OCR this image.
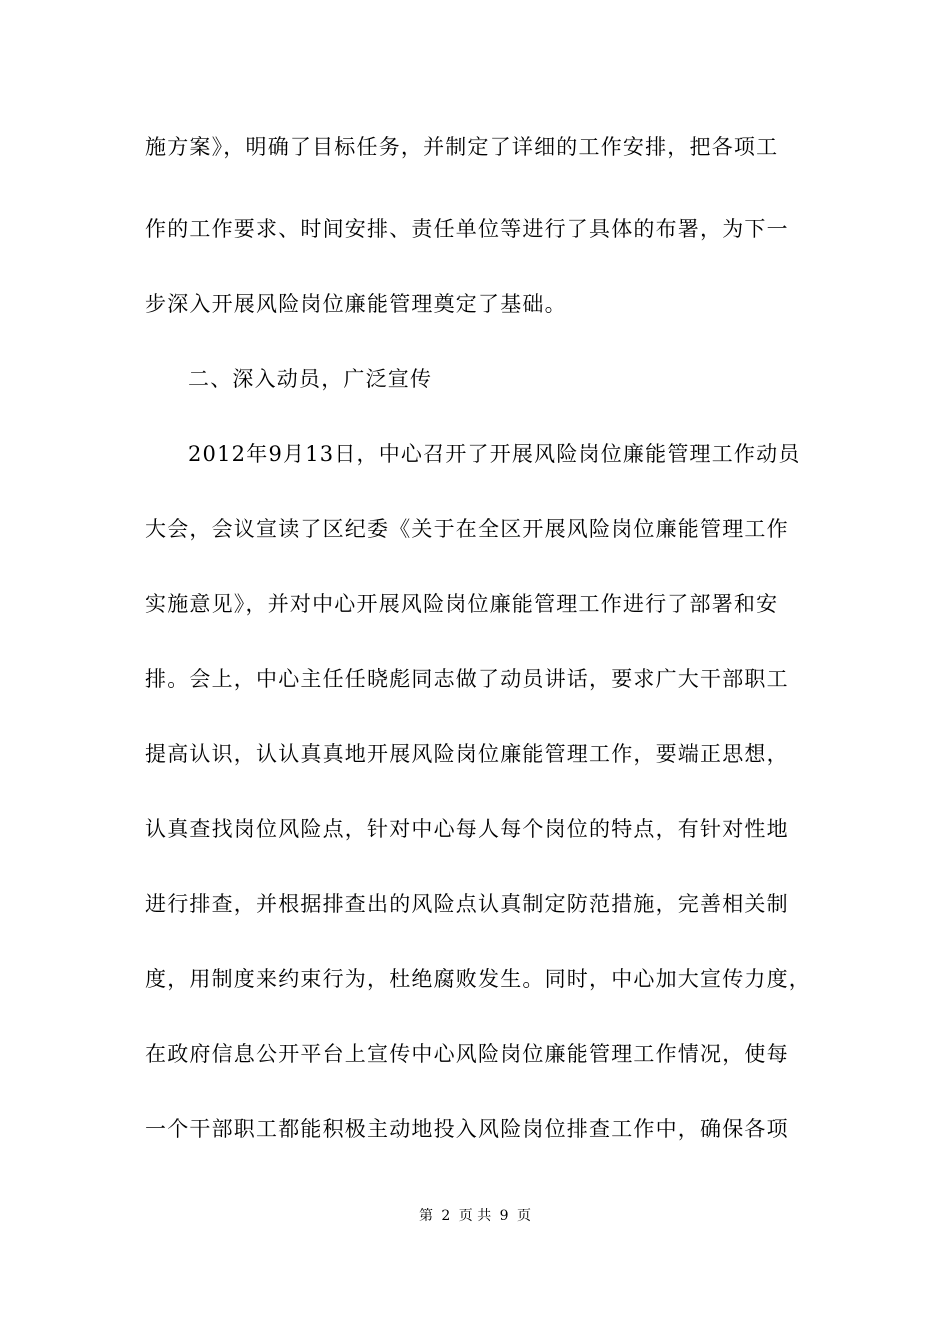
施方案》，明确了目标任务，并制定了详细的工作安排，把各项工
作的工作要求、时间安排、责任单位等进行了具体的布署，为下一
步深入开展风险岗位廉能管理奠定了基础。
二、深入动员，广泛宣传
2012年9月13日，中心召开了开展风险岗位廉能管理工作动员
大会，会议宣读了区纪委《关于在全区开展风险岗位廉能管理工作
实施意见》，并对中心开展风险岗位廉能管理工作进行了部署和安
排。会上，中心主任任晓彪同志做了动员讲话，要求广大干部职工
提高认识，认认真真地开展风险岗位廉能管理工作，要端正思想，
认真查找岗位风险点，针对中心每人每个岗位的特点，有针对性地
进行排查，并根据排查出的风险点认真制定防范措施，完善相关制
度，用制度来约束行为，杜绝腐败发生。同时，中心加大宣传力度，
在政府信息公开平台上宣传中心风险岗位廉能管理工作情况，使每
一个干部职工都能积极主动地投入风险岗位排查工作中，确保各项
第 2 页 共 9 页
